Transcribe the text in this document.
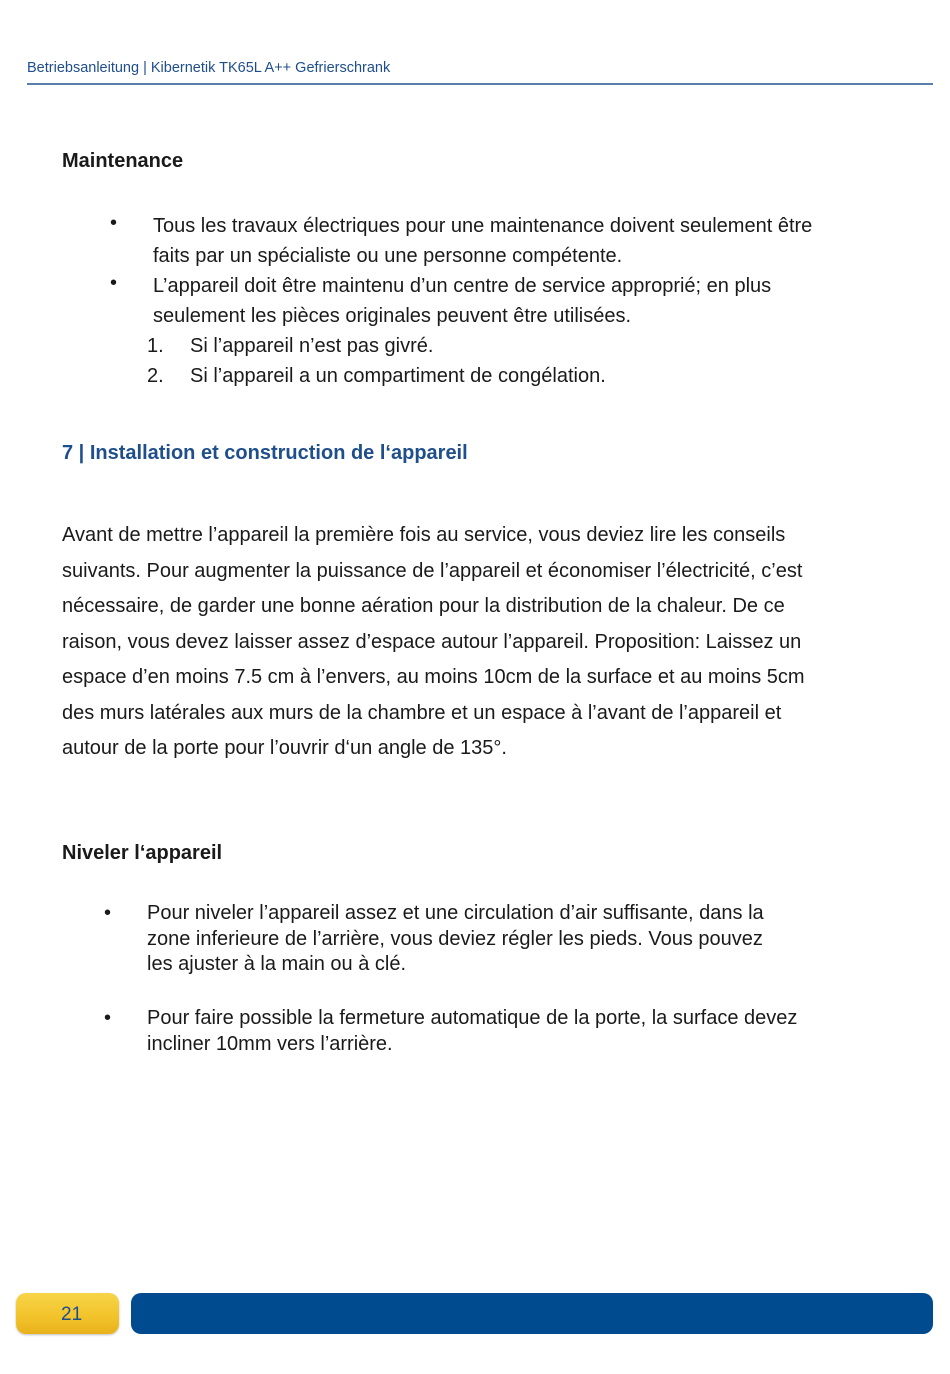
Betriebsanleitung | Kibernetik TK65L A++ Gefrierschrank
Maintenance
• Tous les travaux électriques pour une maintenance doivent seulement être
faits par un spécialiste ou une personne compétente.
• L’appareil doit être maintenu d’un centre de service approprié; en plus
seulement les pièces originales peuvent être utilisées.
1. Si l’appareil n’est pas givré.
2. Si l’appareil a un compartiment de congélation.
7 | Installation et construction de l‘appareil
Avant de mettre l’appareil la première fois au service, vous deviez lire les conseils
suivants. Pour augmenter la puissance de l’appareil et économiser l’électricité, c’est
nécessaire, de garder une bonne aération pour la distribution de la chaleur. De ce
raison, vous devez laisser assez d’espace autour l’appareil. Proposition: Laissez un
espace d’en moins 7.5 cm à l’envers, au moins 10cm de la surface et au moins 5cm
des murs latérales aux murs de la chambre et un espace à l’avant de l’appareil et
autour de la porte pour l’ouvrir d‘un angle de 135°.
Niveler l‘appareil
• Pour niveler l’appareil assez et une circulation d’air suffisante, dans la
zone inferieure de l’arrière, vous deviez régler les pieds. Vous pouvez
les ajuster à la main ou à clé.
• Pour faire possible la fermeture automatique de la porte, la surface devez
incliner 10mm vers l’arrière.
21
